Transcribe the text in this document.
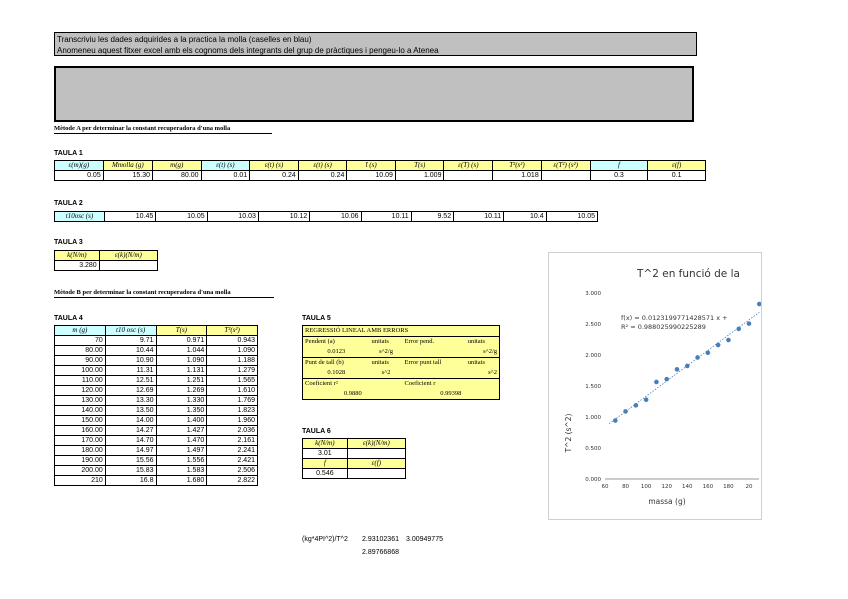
Transcriviu les dades adquirides a la practica la molla (caselles en blau)
Anomeneu aquest fitxer excel amb els cognoms dels integrants del grup de pràctiques i pengeu-lo a Atenea
Mètode A per determinar la constant recuperadora d'una molla
TAULA 1
ε(m)(g)	Mmolla (g)	m(g)	ε(t) (s)	ε(t) (s)	ε(t) (s)	t̄ (s)	T(s)	ε(T) (s)	T²(s²)	ε(T²) (s²)	f	ε(f)
0.05	15.30	80.00	0.01	0.24	0.24	10.09	1.009		1.018		0.3	0.1
TAULA 2
t10osc (s)	10.45	10.05	10.03	10.12	10.06	10.11	9.52	10.11	10.4	10.05
TAULA 3
k(N/m)	ε(k)(N/m)
3.280	
Mètode B per determinar la constant recuperadora d'una molla
TAULA 4
m (g)	t10 osc (s)	T(s)	T²(s²)
70	9.71	0.971	0.943
80.00	10.44	1.044	1.090
90.00	10.90	1.090	1.188
100.00	11.31	1.131	1.279
110.00	12.51	1.251	1.565
120.00	12.69	1.269	1.610
130.00	13.30	1.330	1.769
140.00	13.50	1.350	1.823
150.00	14.00	1.400	1.960
160.00	14.27	1.427	2.036
170.00	14.70	1.470	2.161
180.00	14.97	1.497	2.241
190.00	15.56	1.556	2.421
200.00	15.83	1.583	2.506
210	16.8	1.680	2.822
TAULA 5
REGRESSIÓ LINEAL AMB ERRORS			
Pendent (a)	unitats	Error pend.	unitats
0.0123	s^2/g		s^2/g
Punt de tall (b)	unitats	Error punt tall	unitats
0.1028	s^2		s^2
Coeficient r²		Coeficient r	
0.9880		0.99398	
TAULA 6
k(N/m)	ε(k)(N/m)
3.01	
f	ε(f)
0.546	
(kg*4PI^2)/T^2 2.93102361 3.00949775
2.89766868
T^2 en funció de la
massa (g)
T^2 (s^2)
f(x) = 0.0123199771428571 x +
R² = 0.988025990225289
0.000
0.500
1.000
1.500
2.000
2.500
3.000
60 80 100 120 140 160 180 20
